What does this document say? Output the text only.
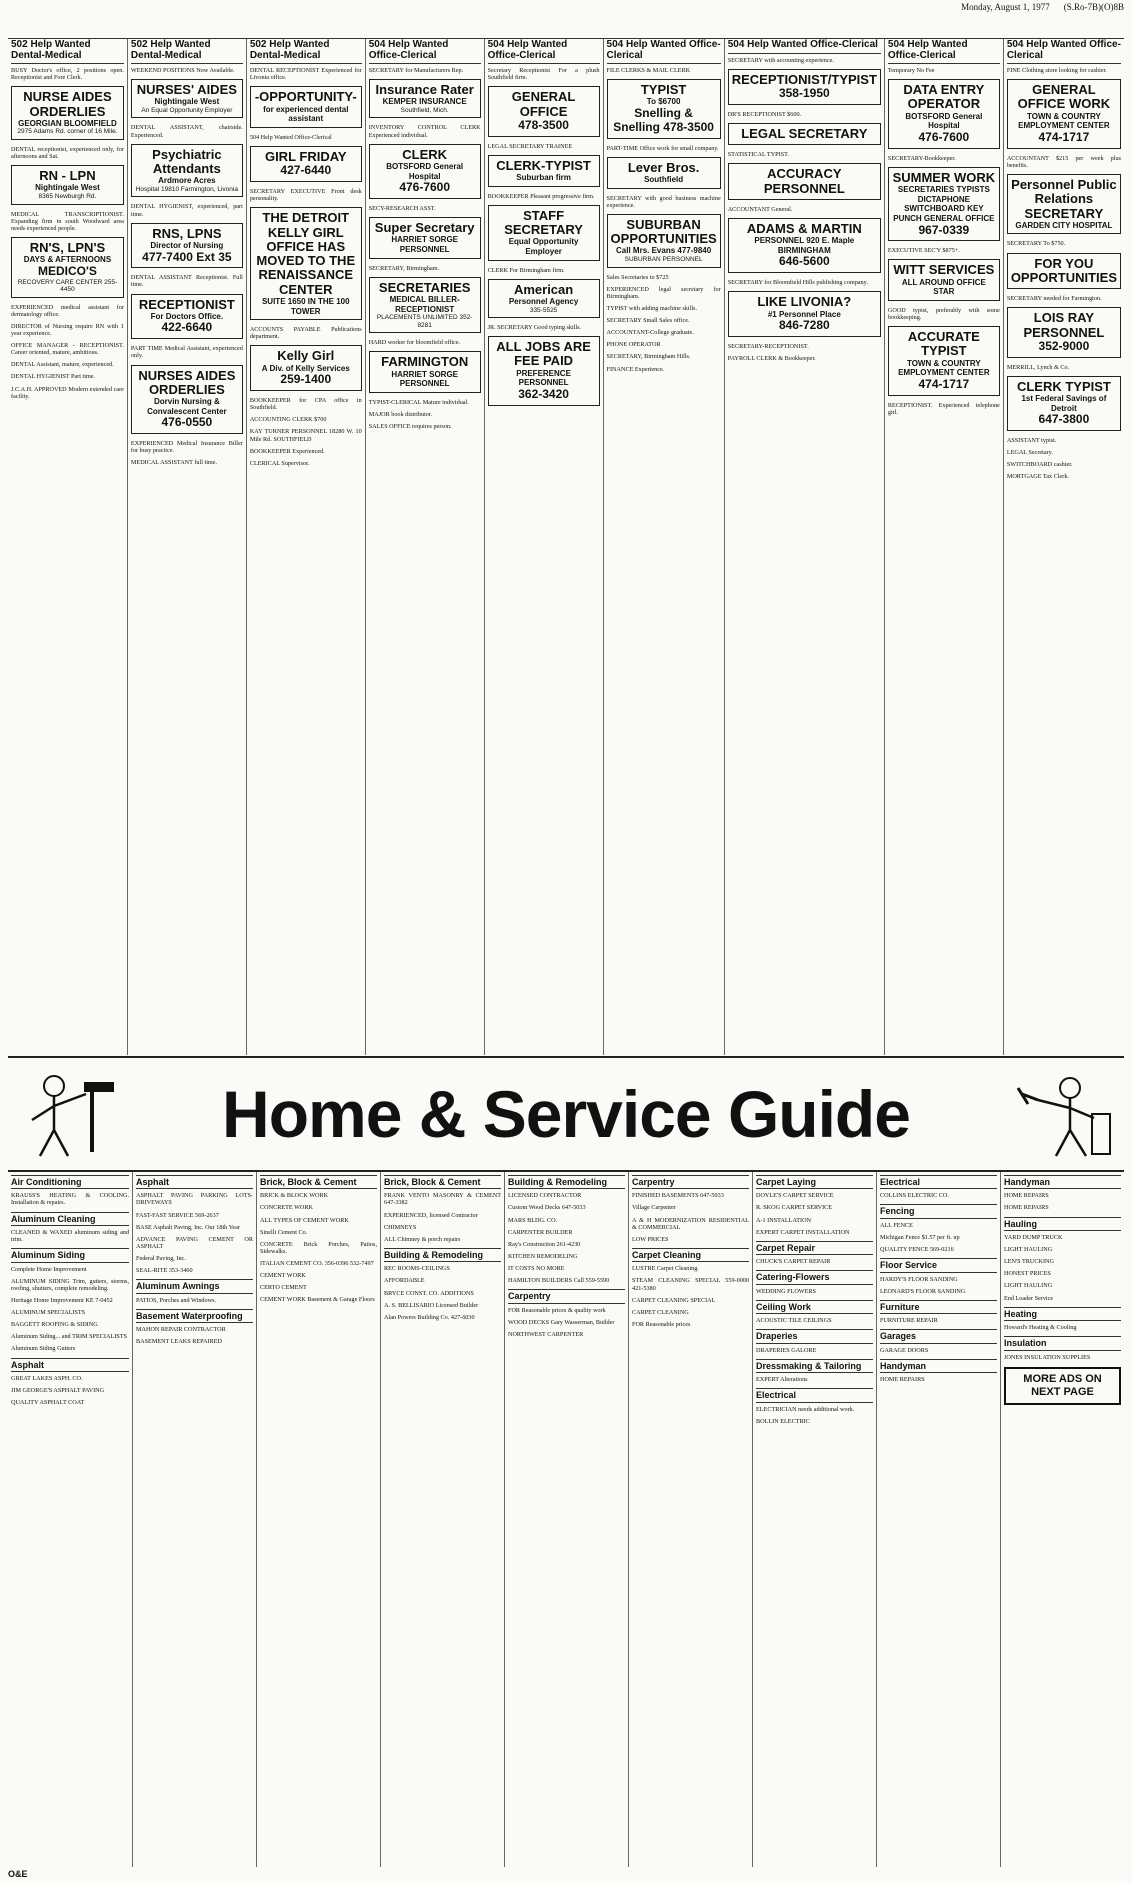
Monday, August 1, 1977 (S.Ro-7B)(O)8B
502 Help Wanted Dental-Medical
BUSY Doctor's office, 2 positions open. Receptionist and Fore Clerk.
NURSE AIDES ORDERLIES
GEORGIAN BLOOMFIELD
2975 Adams Rd. corner of 16 Mile.
DENTAL receptionist, experienced only, for afternoons and Sat.
RN - LPN
Nightingale West
8365 Newburgh Rd.
MEDICAL TRANSCRIPTIONIST. Expanding firm in south Woodward area needs experienced people.
RN'S, LPN'S
DAYS & AFTERNOONS
MEDICO'S
RECOVERY CARE CENTER 255-4450
EXPERIENCED medical assistant for dermatology office.
DIRECTOR of Nursing require RN with 1 year experience.
OFFICE MANAGER - RECEPTIONIST. Career oriented, mature, ambitious.
DENTAL Assistant, mature, experienced.
DENTAL HYGIENIST Part time.
J.C.A.H. APPROVED Modern extended care facility.
502 Help Wanted Dental-Medical
WEEKEND POSITIONS Now Available.
NURSES' AIDES
Nightingale West
An Equal Opportunity Employer
DENTAL ASSISTANT, chairside. Experienced.
Psychiatric Attendants
Ardmore Acres
Hospital 19810 Farmington, Livonia
DENTAL HYGIENIST, experienced, part time.
RNS, LPNS
Director of Nursing
477-7400 Ext 35
DENTAL ASSISTANT Receptionist. Full time.
RECEPTIONIST
For Doctors Office.
422-6640
PART TIME Medical Assistant, experienced only.
NURSES AIDES ORDERLIES
Dorvin Nursing & Convalescent Center
476-0550
EXPERIENCED Medical Insurance Biller for busy practice.
MEDICAL ASSISTANT full time.
502 Help Wanted Dental-Medical
DENTAL RECEPTIONIST Experienced for Livonia office.
-OPPORTUNITY-
for experienced dental assistant
504 Help Wanted Office-Clerical
GIRL FRIDAY
427-6440
SECRETARY EXECUTIVE Front desk personality.
THE DETROIT KELLY GIRL OFFICE HAS MOVED TO THE RENAISSANCE CENTER
SUITE 1650 IN THE 100 TOWER
ACCOUNTS PAYABLE Publications department.
Kelly Girl
A Div. of Kelly Services
259-1400
BOOKKEEPER for CPA office in Southfield.
ACCOUNTING CLERK $700
KAY TURNER PERSONNEL 18280 W. 10 Mile Rd. SOUTHFIELD
BOOKKEEPER Experienced.
CLERICAL Supervisor.
504 Help Wanted Office-Clerical
SECRETARY for Manufacturers Rep.
Insurance Rater
KEMPER INSURANCE
Southfield, Mich.
INVENTORY CONTROL CLERK Experienced individual.
CLERK
BOTSFORD General Hospital
476-7600
SECY-RESEARCH ASST.
Super Secretary
HARRIET SORGE PERSONNEL
SECRETARY, Birmingham.
SECRETARIES
MEDICAL BILLER-RECEPTIONIST
PLACEMENTS UNLIMITED 352-8281
HARD worker for bloomfield office.
FARMINGTON
HARRIET SORGE PERSONNEL
TYPIST-CLERICAL Mature individual.
MAJOR book distributor.
SALES OFFICE requires person.
504 Help Wanted Office-Clerical
Secretary Receptionist For a plush Southfield firm.
GENERAL OFFICE
478-3500
LEGAL SECRETARY TRAINEE
CLERK-TYPIST
Suburban firm
BOOKKEEPER Pleasant progressive firm.
STAFF SECRETARY
Equal Opportunity Employer
CLERK For Birmingham firm.
American
Personnel Agency
335-5525
JR. SECRETARY Good typing skills.
ALL JOBS ARE FEE PAID
PREFERENCE PERSONNEL
362-3420
504 Help Wanted Office-Clerical
FILE CLERKS & MAIL CLERK
TYPIST
To $6700
Snelling & Snelling 478-3500
PART-TIME Office work for small company.
Lever Bros.
Southfield
SECRETARY with good business machine experience.
SUBURBAN OPPORTUNITIES
Call Mrs. Evans 477-9840
SUBURBAN PERSONNEL
Sales Secretaries to $725
EXPERIENCED legal secretary for Birmingham.
TYPIST with adding machine skills.
SECRETARY Small Sales office.
ACCOUNTANT-College graduate.
PHONE OPERATOR
SECRETARY, Birmingham Hills.
FINANCE Experience.
504 Help Wanted Office-Clerical
SECRETARY with accounting experience.
RECEPTIONIST/TYPIST
358-1950
DR'S RECEPTIONIST $600.
LEGAL SECRETARY
STATISTICAL TYPIST.
ACCURACY PERSONNEL
ACCOUNTANT General.
ADAMS & MARTIN
PERSONNEL 920 E. Maple BIRMINGHAM
646-5600
SECRETARY for Bloomfield Hills publishing company.
LIKE LIVONIA?
#1 Personnel Place
846-7280
SECRETARY-RECEPTIONIST.
PAYROLL CLERK & Bookkeeper.
504 Help Wanted Office-Clerical
Temporary No Fee
DATA ENTRY OPERATOR
BOTSFORD General Hospital
476-7600
SECRETARY-Bookkeeper.
SUMMER WORK
SECRETARIES TYPISTS DICTAPHONE SWITCHBOARD KEY PUNCH GENERAL OFFICE
967-0339
EXECUTIVE SEC'Y $875+.
WITT SERVICES
ALL AROUND OFFICE STAR
GOOD typist, preferably with some bookkeeping.
ACCURATE TYPIST
TOWN & COUNTRY EMPLOYMENT CENTER
474-1717
RECEPTIONIST. Experienced telephone girl.
504 Help Wanted Office-Clerical
FINE Clothing store looking for cashier.
GENERAL OFFICE WORK
TOWN & COUNTRY EMPLOYMENT CENTER
474-1717
ACCOUNTANT $215 per week plus benefits.
Personnel Public Relations SECRETARY
GARDEN CITY HOSPITAL
SECRETARY To $750.
FOR YOU OPPORTUNITIES
SECRETARY needed for Farmington.
LOIS RAY PERSONNEL
352-9000
MERRILL, Lynch & Co.
CLERK TYPIST
1st Federal Savings of Detroit
647-3800
ASSISTANT typist.
LEGAL Secretary.
SWITCHBOARD cashier.
MORTGAGE Tax Clerk.
Home & Service Guide
Air Conditioning
KRAUSS'S HEATING & COOLING. Installation & repairs.
Aluminum Cleaning
CLEANED & WAXED aluminum siding and trim.
Aluminum Siding
Complete Home Improvement
ALUMINUM SIDING Trim, gutters, storms, roofing, shutters, complete remodeling.
Heritage Home Improvement KE 7-0452
ALUMINUM SPECIALISTS
BAGGETT ROOFING & SIDING
Aluminum Siding... and TRIM SPECIALISTS
Aluminum Siding Gutters
Asphalt
GREAT LAKES ASPH. CO.
JIM GEORGE'S ASPHALT PAVING
QUALITY ASPHALT COAT
Asphalt
ASPHALT PAVING PARKING LOTS-DRIVEWAYS
FAST-FAST SERVICE 569-2637
BASE Asphalt Paving, Inc. Our 18th Year
ADVANCE PAVING CEMENT OR ASPHALT
Federal Paving, Inc.
SEAL-RITE 353-3460
Aluminum Awnings
PATIOS, Porches and Windows.
Basement Waterproofing
MAHON REPAIR CONTRACTOR
BASEMENT LEAKS REPAIRED
Brick, Block & Cement
BRICK & BLOCK WORK
CONCRETE WORK
ALL TYPES OF CEMENT WORK
Sinelli Cement Co.
CONCRETE Brick Porches, Patios, Sidewalks.
ITALIAN CEMENT CO. 356-0396 532-7497
CEMENT WORK
CERTO CEMENT
CEMENT WORK Basement & Garage Floors
Brick, Block & Cement
FRANK VENTO MASONRY & CEMENT 647-3382
EXPERIENCED, licensed Contractor
CHIMNEYS
ALL Chimney & porch repairs
Building & Remodeling
REC ROOMS-CEILINGS
AFFORDABLE
BRYCE CONST. CO. ADDITIONS
A. S. BELLISARIO Licensed Builder
Alan Powers Building Co. 427-6030
Building & Remodeling
LICENSED CONTRACTOR
Custom Wood Decks 647-5033
MARS BLDG. CO.
CARPENTER BUILDER
Ray's Construction 261-4230
KITCHEN REMODELING
IT COSTS NO MORE
HAMILTON BUILDERS Call 559-5590
Carpentry
FOR Reasonable prices & quality work
WOOD DECKS Gary Wasserman, Builder
NORTHWEST CARPENTER
Carpentry
FINISHED BASEMENTS 647-5033
Village Carpenter
A & H MODERNIZATION RESIDENTIAL & COMMERCIAL
LOW PRICES
Carpet Cleaning
LUSTRE Carpet Cleaning.
STEAM CLEANING SPECIAL 559-0000 421-5380
CARPET CLEANING SPECIAL
CARPET CLEANING
FOR Reasonable prices
Carpet Laying
DOYLE'S CARPET SERVICE
R. SKOG CARPET SERVICE
A-1 INSTALLATION
EXPERT CARPET INSTALLATION
Carpet Repair
CHUCK'S CARPET REPAIR
Catering-Flowers
WEDDING FLOWERS
Ceiling Work
ACOUSTIC TILE CEILINGS
Draperies
DRAPERIES GALORE
Dressmaking & Tailoring
EXPERT Alterations
Electrical
ELECTRICIAN needs additional work.
BOLLIN ELECTRIC
Electrical
COLLINS ELECTRIC CO.
Fencing
ALL FENCE
Michigan Fence $1.57 per ft. up
QUALITY FENCE 569-0216
Floor Service
HARDY'S FLOOR SANDING
LEONARD'S FLOOR SANDING
Furniture
FURNITURE REPAIR
Garages
GARAGE DOORS
Handyman
HOME REPAIRS
Handyman
HOME REPAIRS
HOME REPAIRS
Hauling
YARD DUMP TRUCK
LIGHT HAULING
LEN'S TRUCKING
HONEST PRICES
LIGHT HAULING
End Loader Service
Heating
Howard's Heating & Cooling
Insulation
JONES INSULATION SUPPLIES
MORE ADS ON NEXT PAGE
O&E
